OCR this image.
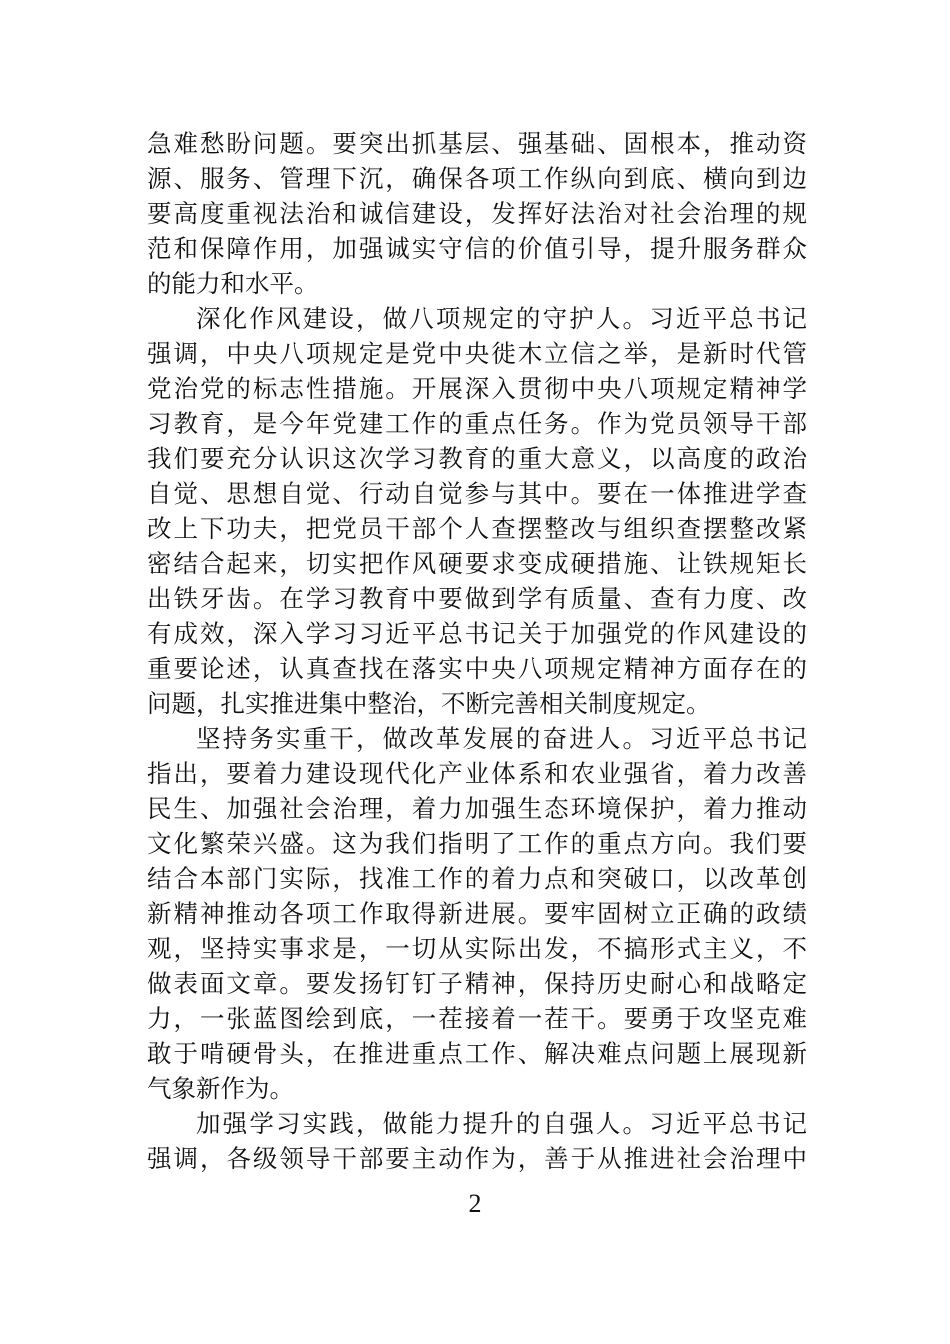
急难愁盼问题。要突出抓基层、强基础、固根本，推动资
源、服务、管理下沉，确保各项工作纵向到底、横向到边
要高度重视法治和诚信建设，发挥好法治对社会治理的规
范和保障作用，加强诚实守信的价值引导，提升服务群众
的能力和水平。
深化作风建设，做八项规定的守护人。习近平总书记
强调，中央八项规定是党中央徙木立信之举，是新时代管
党治党的标志性措施。开展深入贯彻中央八项规定精神学
习教育，是今年党建工作的重点任务。作为党员领导干部
我们要充分认识这次学习教育的重大意义，以高度的政治
自觉、思想自觉、行动自觉参与其中。要在一体推进学查
改上下功夫，把党员干部个人查摆整改与组织查摆整改紧
密结合起来，切实把作风硬要求变成硬措施、让铁规矩长
出铁牙齿。在学习教育中要做到学有质量、查有力度、改
有成效，深入学习习近平总书记关于加强党的作风建设的
重要论述，认真查找在落实中央八项规定精神方面存在的
问题，扎实推进集中整治，不断完善相关制度规定。
坚持务实重干，做改革发展的奋进人。习近平总书记
指出，要着力建设现代化产业体系和农业强省，着力改善
民生、加强社会治理，着力加强生态环境保护，着力推动
文化繁荣兴盛。这为我们指明了工作的重点方向。我们要
结合本部门实际，找准工作的着力点和突破口，以改革创
新精神推动各项工作取得新进展。要牢固树立正确的政绩
观，坚持实事求是，一切从实际出发，不搞形式主义，不
做表面文章。要发扬钉钉子精神，保持历史耐心和战略定
力，一张蓝图绘到底，一茬接着一茬干。要勇于攻坚克难
敢于啃硬骨头，在推进重点工作、解决难点问题上展现新
气象新作为。
加强学习实践，做能力提升的自强人。习近平总书记
强调，各级领导干部要主动作为，善于从推进社会治理中
2
